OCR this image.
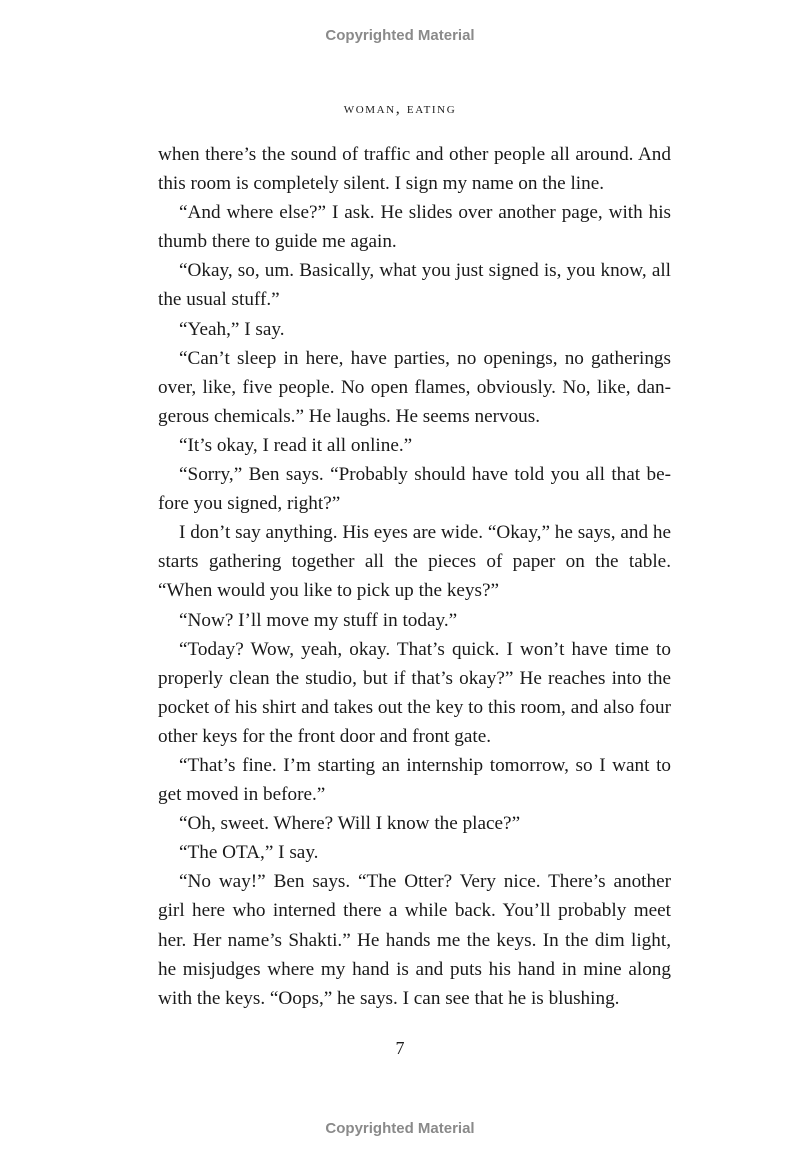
Copyrighted Material
woman, eating

when there’s the sound of traffic and other people all around. And this room is completely silent. I sign my name on the line.

“And where else?” I ask. He slides over another page, with his thumb there to guide me again.

“Okay, so, um. Basically, what you just signed is, you know, all the usual stuff.”

“Yeah,” I say.

“Can’t sleep in here, have parties, no openings, no gatherings over, like, five people. No open flames, obviously. No, like, dangerous chemicals.” He laughs. He seems nervous.

“It’s okay, I read it all online.”

“Sorry,” Ben says. “Probably should have told you all that before you signed, right?”

I don’t say anything. His eyes are wide. “Okay,” he says, and he starts gathering together all the pieces of paper on the table. “When would you like to pick up the keys?”

“Now? I’ll move my stuff in today.”

“Today? Wow, yeah, okay. That’s quick. I won’t have time to properly clean the studio, but if that’s okay?” He reaches into the pocket of his shirt and takes out the key to this room, and also four other keys for the front door and front gate.

“That’s fine. I’m starting an internship tomorrow, so I want to get moved in before.”

“Oh, sweet. Where? Will I know the place?”

“The OTA,” I say.

“No way!” Ben says. “The Otter? Very nice. There’s another girl here who interned there a while back. You’ll probably meet her. Her name’s Shakti.” He hands me the keys. In the dim light, he misjudges where my hand is and puts his hand in mine along with the keys. “Oops,” he says. I can see that he is blushing.

7
Copyrighted Material
